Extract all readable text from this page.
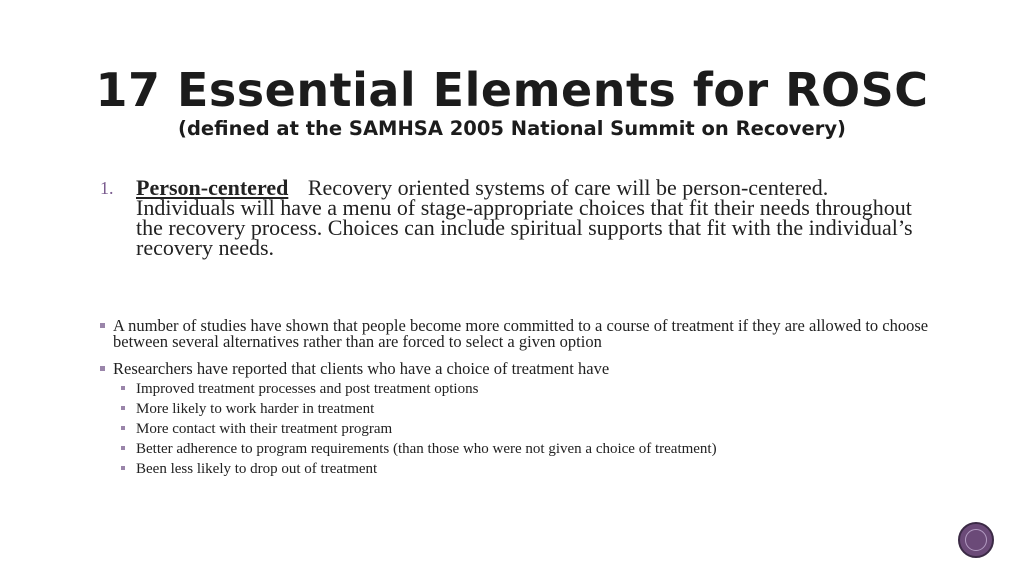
17 Essential Elements for ROSC
(defined at the SAMHSA 2005 National Summit on Recovery)
1. Person-centered Recovery oriented systems of care will be person-centered. Individuals will have a menu of stage-appropriate choices that fit their needs throughout the recovery process. Choices can include spiritual supports that fit with the individual’s recovery needs.
A number of studies have shown that people become more committed to a course of treatment if they are allowed to choose between several alternatives rather than are forced to select a given option
Researchers have reported that clients who have a choice of treatment have
Improved treatment processes and post treatment options
More likely to work harder in treatment
More contact with their treatment program
Better adherence to program requirements (than those who were not given a choice of treatment)
Been less likely to drop out of treatment
